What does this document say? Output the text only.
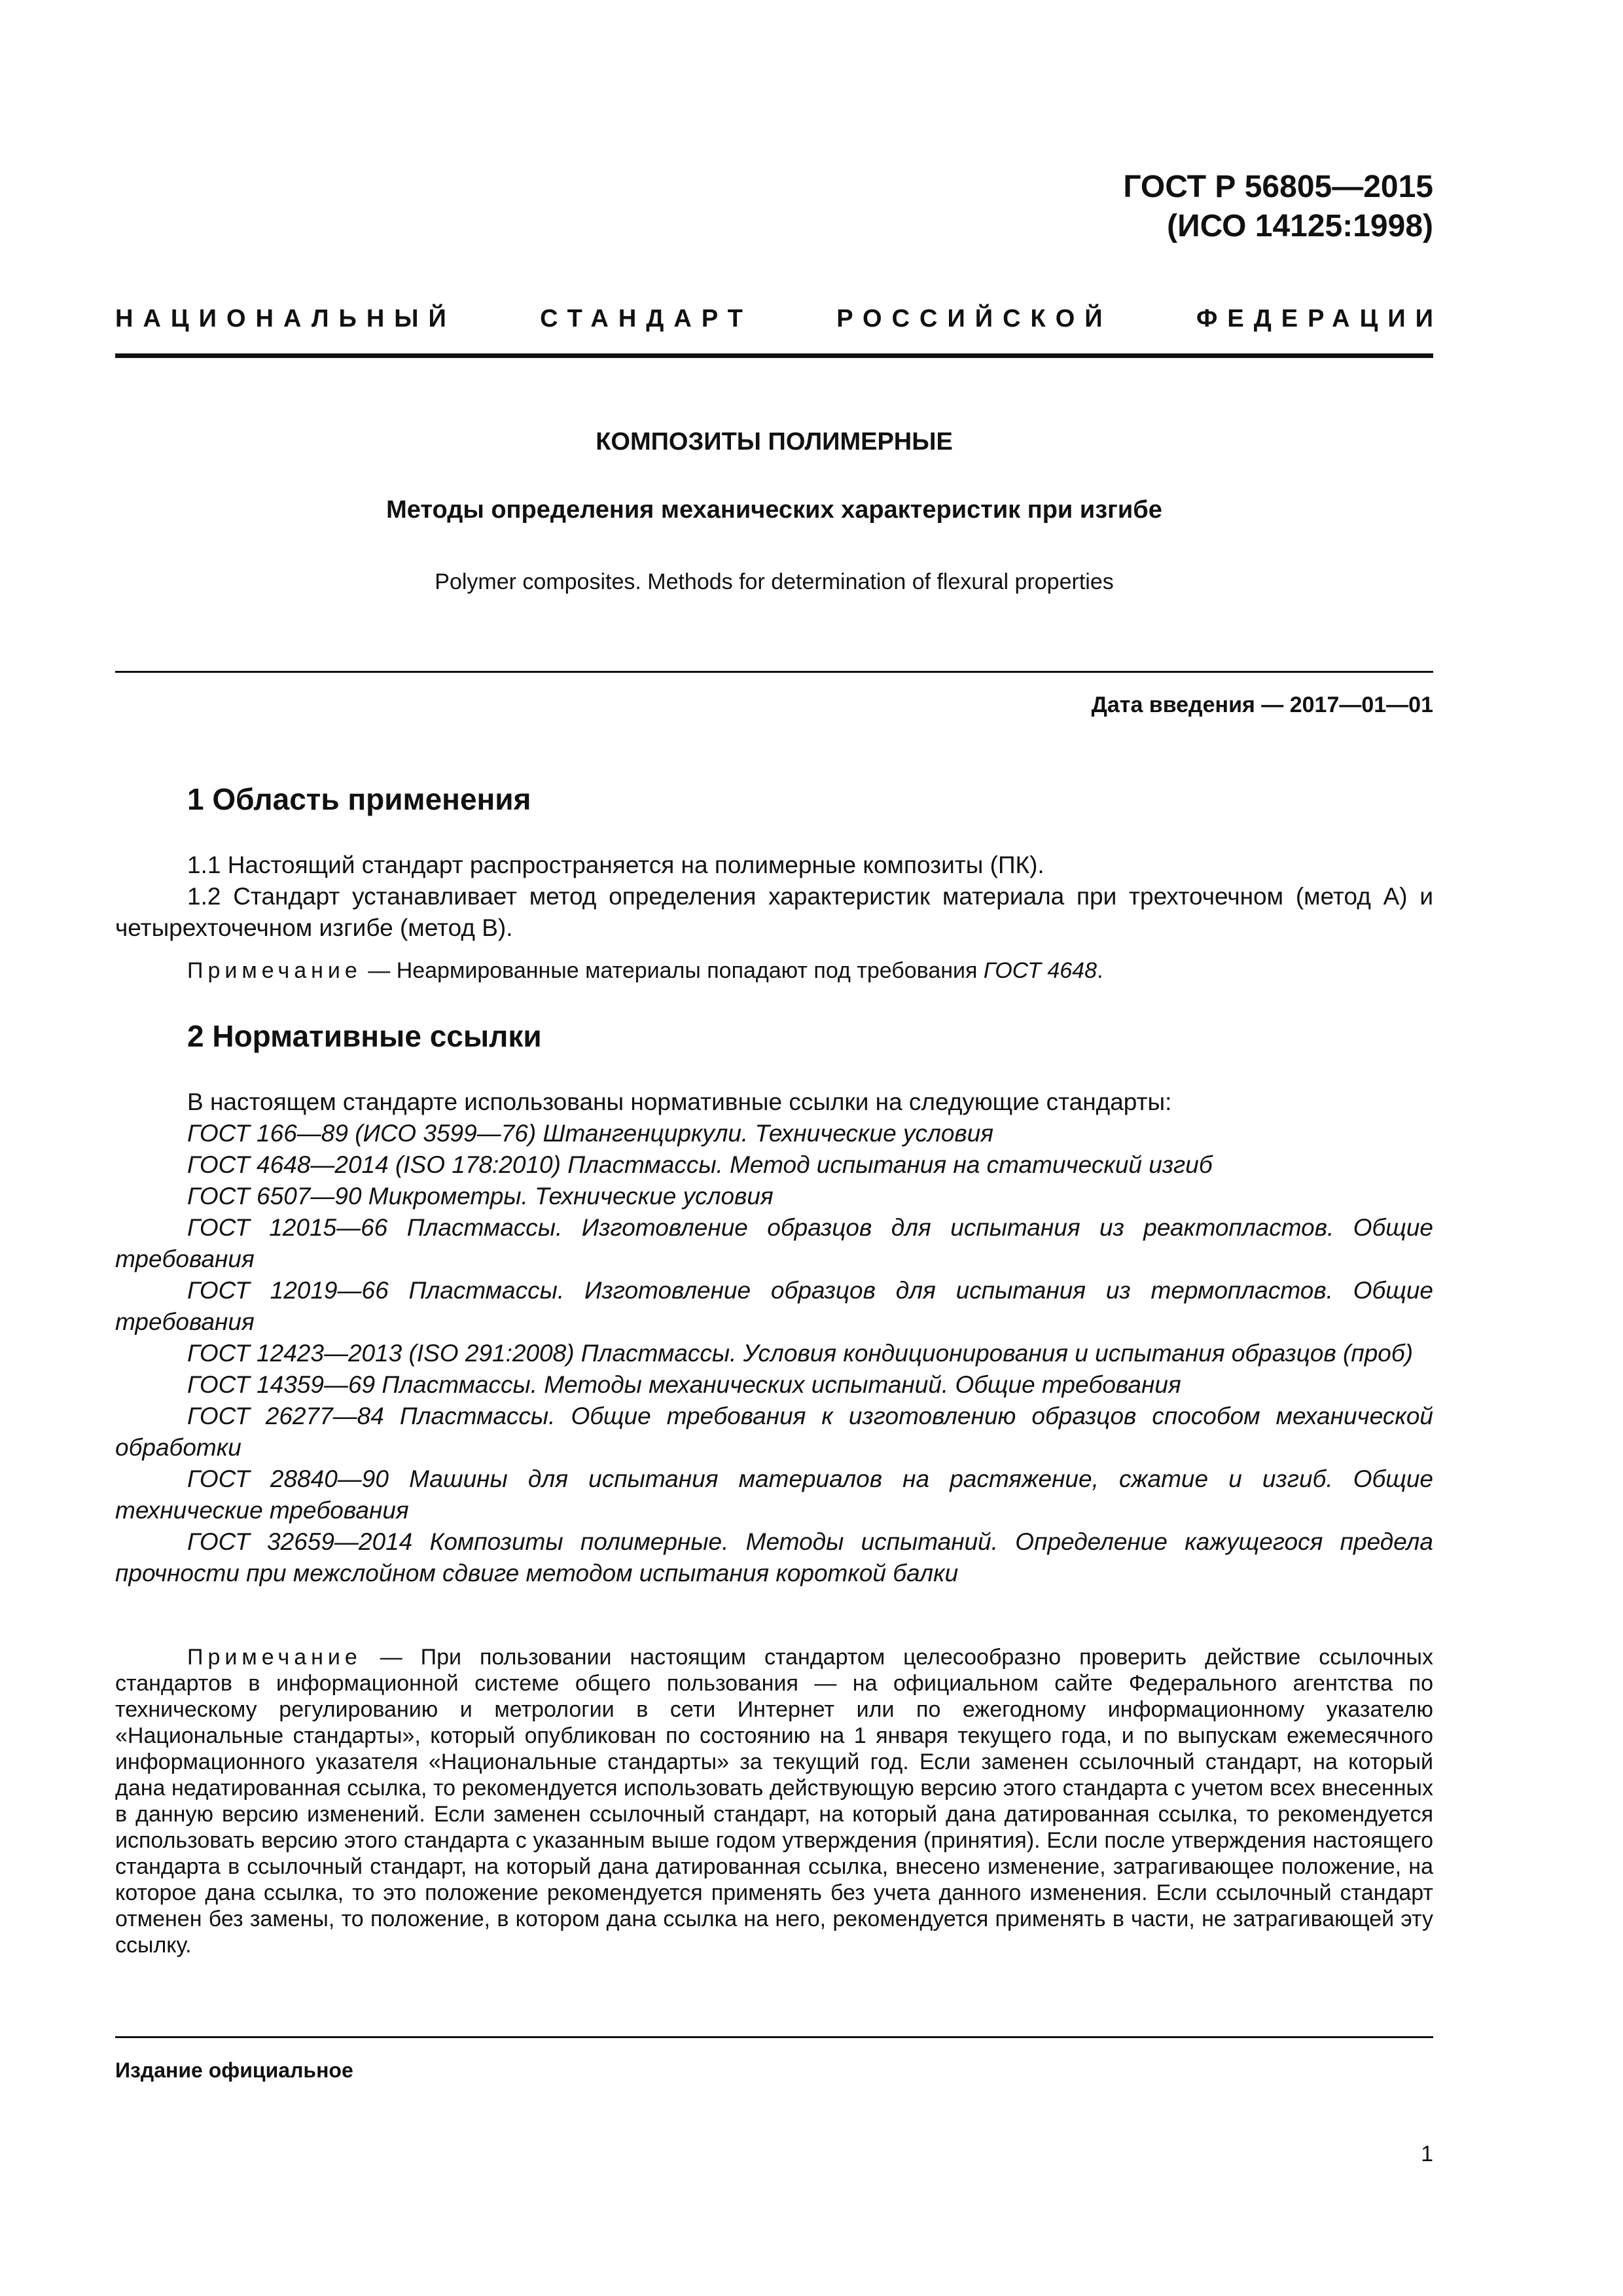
ГОСТ Р 56805—2015
(ИСО 14125:1998)
НАЦИОНАЛЬНЫЙ	СТАНДАРТ	РОССИЙСКОЙ	ФЕДЕРАЦИИ
КОМПОЗИТЫ ПОЛИМЕРНЫЕ
Методы определения механических характеристик при изгибе
Polymer composites. Methods for determination of flexural properties
Дата введения — 2017—01—01
1 Область применения

1.1 Настоящий стандарт распространяется на полимерные композиты (ПК).

1.2 Стандарт устанавливает метод определения характеристик материала при трехточечном (метод А) и четырехточечном изгибе (метод В).

Примечание — Неармированные материалы попадают под требования ГОСТ 4648.

2 Нормативные ссылки

В настоящем стандарте использованы нормативные ссылки на следующие стандарты:

ГОСТ 166—89 (ИСО 3599—76) Штангенциркули. Технические условия

ГОСТ 4648—2014 (ISO 178:2010) Пластмассы. Метод испытания на статический изгиб

ГОСТ 6507—90 Микрометры. Технические условия

ГОСТ 12015—66 Пластмассы. Изготовление образцов для испытания из реактопластов. Общие требования

ГОСТ 12019—66 Пластмассы. Изготовление образцов для испытания из термопластов. Общие требования

ГОСТ 12423—2013 (ISO 291:2008) Пластмассы. Условия кондиционирования и испытания образцов (проб)

ГОСТ 14359—69 Пластмассы. Методы механических испытаний. Общие требования

ГОСТ 26277—84 Пластмассы. Общие требования к изготовлению образцов способом механической обработки

ГОСТ 28840—90 Машины для испытания материалов на растяжение, сжатие и изгиб. Общие технические требования

ГОСТ 32659—2014 Композиты полимерные. Методы испытаний. Определение кажущегося предела прочности при межслойном сдвиге методом испытания короткой балки

Примечание — При пользовании настоящим стандартом целесообразно проверить действие ссылочных стандартов в информационной системе общего пользования — на официальном сайте Федерального агентства по техническому регулированию и метрологии в сети Интернет или по ежегодному информационному указателю «Национальные стандарты», который опубликован по состоянию на 1 января текущего года, и по выпускам ежемесячного информационного указателя «Национальные стандарты» за текущий год. Если заменен ссылочный стандарт, на который дана недатированная ссылка, то рекомендуется использовать действующую версию этого стандарта с учетом всех внесенных в данную версию изменений. Если заменен ссылочный стандарт, на который дана датированная ссылка, то рекомендуется использовать версию этого стандарта с указанным выше годом утверждения (принятия). Если после утверждения настоящего стандарта в ссылочный стандарт, на который дана датированная ссылка, внесено изменение, затрагивающее положение, на которое дана ссылка, то это положение рекомендуется применять без учета данного изменения. Если ссылочный стандарт отменен без замены, то положение, в котором дана ссылка на него, рекомендуется применять в части, не затрагивающей эту ссылку.

Издание официальное
1
